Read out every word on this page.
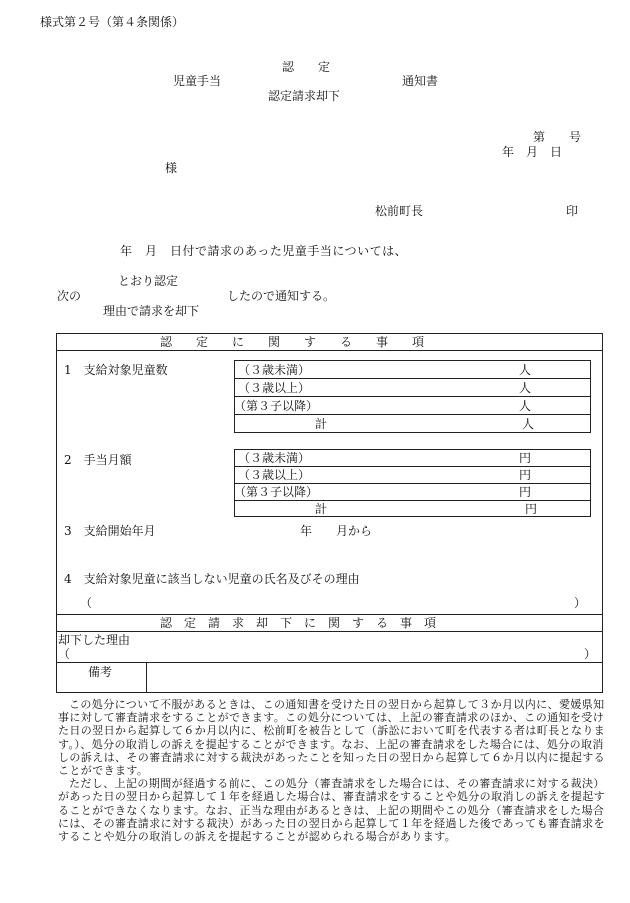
様式第２号（第４条関係）
認　　定
児童手当	通知書
認定請求却下
第　　号
年　月　日
様
松前町長	印
年　月　日付で請求のあった児童手当については、
とおり認定
次の	したので通知する。
理由で請求を却下
認　　定　　に　　関　　す　　る　　事　　項
1　支給対象児童数	（３歳未満）	人
（３歳以上）	人
（第３子以降）	人
計	人
2　手当月額	（３歳未満）	円
（３歳以上）	円
（第３子以降）	円
計	円
3　支給開始年月	年　　月から
4　支給対象児童に該当しない児童の氏名及びその理由
（	）
認　定　請　求　却　下　に　関　す　る　事　項
却下した理由
（	）
備考

この処分について不服があるときは、この通知書を受けた日の翌日から起算して３か月以内に、愛媛県知事に対して審査請求をすることができます。この処分については、上記の審査請求のほか、この通知を受けた日の翌日から起算して６か月以内に、松前町を被告として（訴訟において町を代表する者は町長となります。）、処分の取消しの訴えを提起することができます。なお、上記の審査請求をした場合には、処分の取消しの訴えは、その審査請求に対する裁決があったことを知った日の翌日から起算して６か月以内に提起することができます。

ただし、上記の期間が経過する前に、この処分（審査請求をした場合には、その審査請求に対する裁決）があった日の翌日から起算して１年を経過した場合は、審査請求をすることや処分の取消しの訴えを提起することができなくなります。なお、正当な理由があるときは、上記の期間やこの処分（審査請求をした場合には、その審査請求に対する裁決）があった日の翌日から起算して１年を経過した後であっても審査請求をすることや処分の取消しの訴えを提起することが認められる場合があります。
